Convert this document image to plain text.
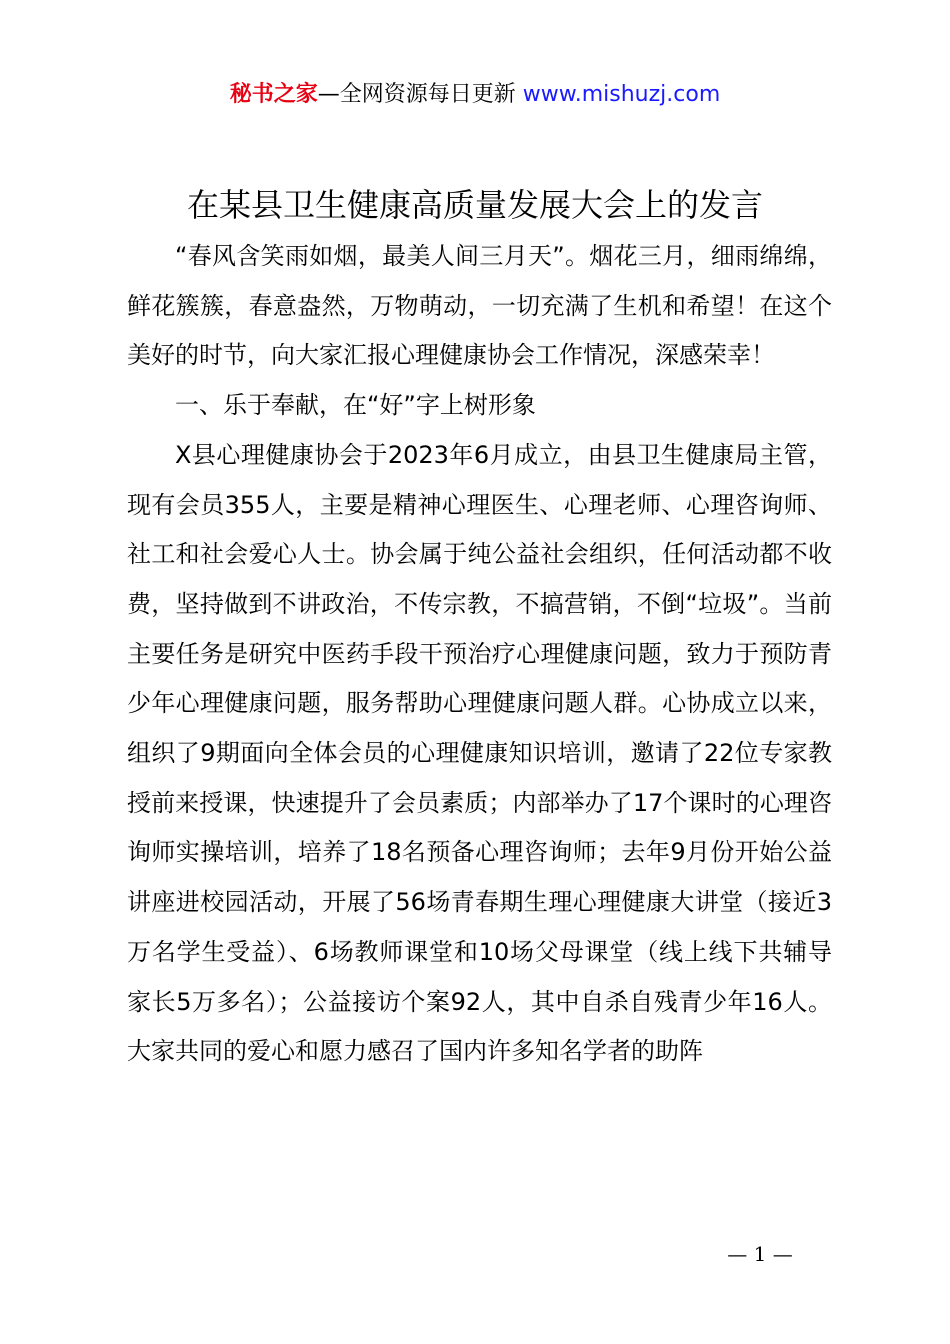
秘书之家—全网资源每日更新 www.mishuzj.com
在某县卫生健康高质量发展大会上的发言

“春风含笑雨如烟，最美人间三月天”。烟花三月，细雨绵绵，鲜花簇簇，春意盎然，万物萌动，一切充满了生机和希望！在这个美好的时节，向大家汇报心理健康协会工作情况，深感荣幸！

一、乐于奉献，在“好”字上树形象

X县心理健康协会于2023年6月成立，由县卫生健康局主管，现有会员355人，主要是精神心理医生、心理老师、心理咨询师、社工和社会爱心人士。协会属于纯公益社会组织，任何活动都不收费，坚持做到不讲政治，不传宗教，不搞营销，不倒“垃圾”。当前主要任务是研究中医药手段干预治疗心理健康问题，致力于预防青少年心理健康问题，服务帮助心理健康问题人群。心协成立以来，组织了9期面向全体会员的心理健康知识培训，邀请了22位专家教授前来授课，快速提升了会员素质；内部举办了17个课时的心理咨询师实操培训，培养了18名预备心理咨询师；去年9月份开始公益讲座进校园活动，开展了56场青春期生理心理健康大讲堂（接近3万名学生受益）、6场教师课堂和10场父母课堂（线上线下共辅导家长5万多名）；公益接访个案92人，其中自杀自残青少年16人。大家共同的爱心和愿力感召了国内许多知名学者的助阵

— 1 —
